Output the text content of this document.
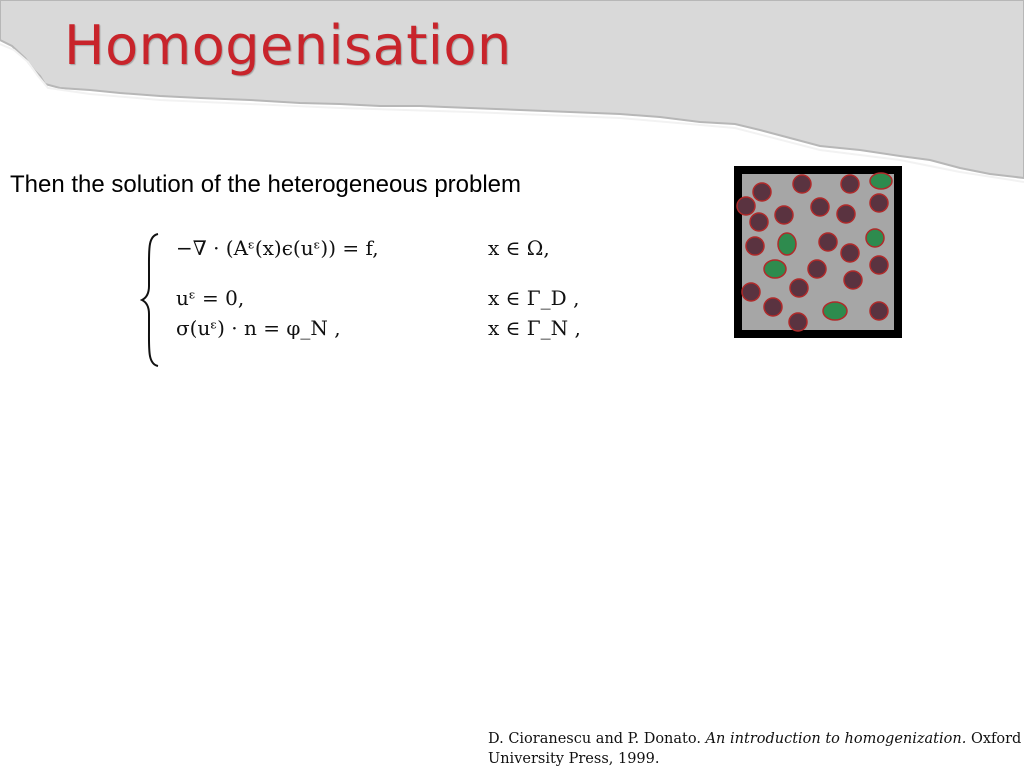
Homogenisation
Then the solution of the heterogeneous problem
−∇ · (Aᵋ(x)ϵ(uᵋ)) = f,	x ∈ Ω,
uᵋ = 0,	x ∈ Γ_D ,
σ(uᵋ) · n = φ_N ,	x ∈ Γ_N ,
D. Cioranescu and P. Donato. An introduction to homogenization. Oxford University Press, 1999.
